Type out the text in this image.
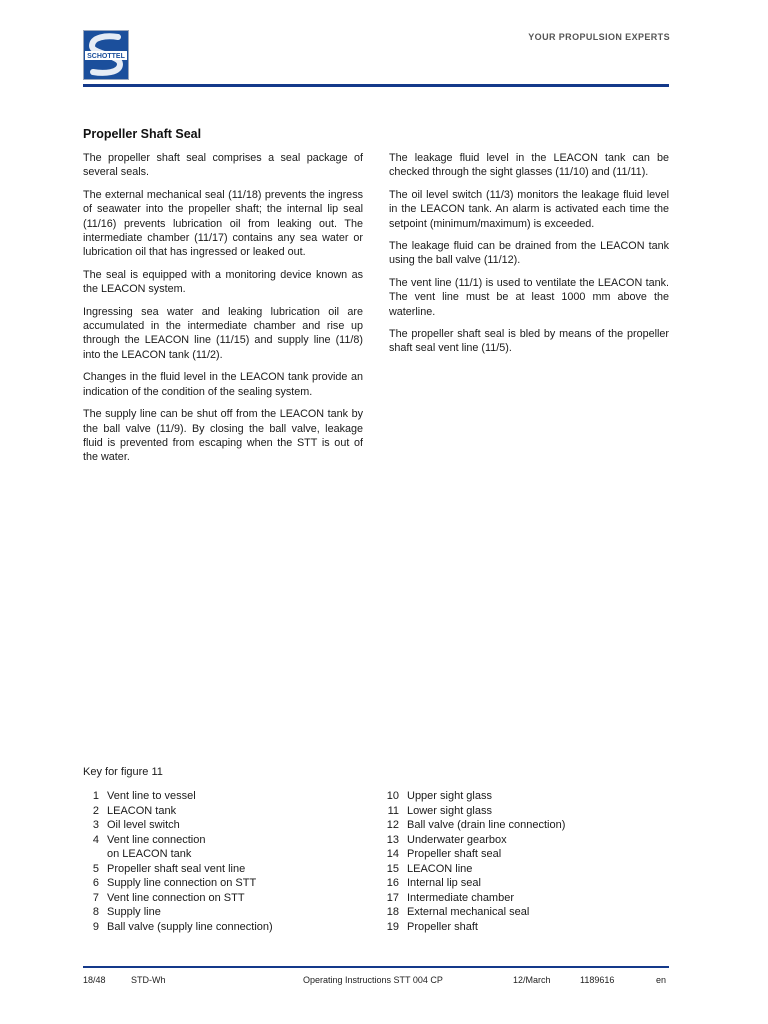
SCHOTTEL
YOUR PROPULSION EXPERTS
Propeller Shaft Seal

The propeller shaft seal comprises a seal package of several seals.

The external mechanical seal (11/18) prevents the ingress of seawater into the propeller shaft; the internal lip seal (11/16) prevents lubrication oil from leaking out. The intermediate chamber (11/17) contains any sea water or lubrication oil that has ingressed or leaked out.

The seal is equipped with a monitoring device known as the LEACON system.

Ingressing sea water and leaking lubrication oil are accumulated in the intermediate chamber and rise up through the LEACON line (11/15) and supply line (11/8) into the LEACON tank (11/2).

Changes in the fluid level in the LEACON tank provide an indication of the condition of the sealing system.

The supply line can be shut off from the LEACON tank by the ball valve (11/9). By closing the ball valve, leakage fluid is prevented from escaping when the STT is out of the water.

The leakage fluid level in the LEACON tank can be checked through the sight glasses (11/10) and (11/11).

The oil level switch (11/3) monitors the leakage fluid level in the LEACON tank. An alarm is activated each time the setpoint (minimum/maximum) is exceeded.

The leakage fluid can be drained from the LEACON tank using the ball valve (11/12).

The vent line (11/1) is used to ventilate the LEACON tank. The vent line must be at least 1000 mm above the waterline.

The propeller shaft seal is bled by means of the propeller shaft seal vent line (11/5).

Key for figure 11
1 Vent line to vessel
2 LEACON tank
3 Oil level switch
4 Vent line connection
on LEACON tank
5 Propeller shaft seal vent line
6 Supply line connection on STT
7 Vent line connection on STT
8 Supply line
9 Ball valve (supply line connection)
10 Upper sight glass
11 Lower sight glass
12 Ball valve (drain line connection)
13 Underwater gearbox
14 Propeller shaft seal
15 LEACON line
16 Internal lip seal
17 Intermediate chamber
18 External mechanical seal
19 Propeller shaft
18/48	STD-Wh	Operating Instructions STT 004 CP	12/March	1189616	en
